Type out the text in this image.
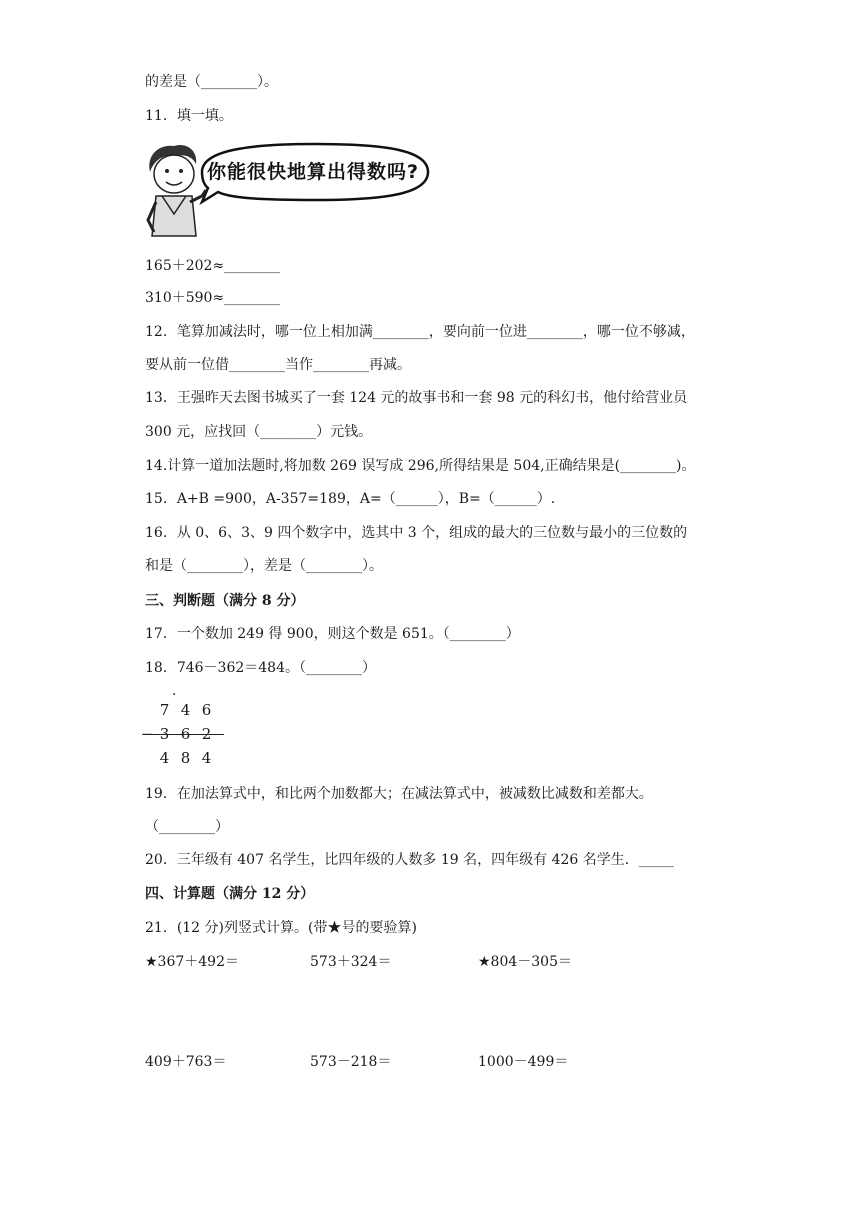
的差是（________）。
11．填一填。
你能很快地算出得数吗?
165＋202≈________
310＋590≈________
12．笔算加减法时，哪一位上相加满________，要向前一位进________，哪一位不够减，
要从前一位借________当作________再减。
13．王强昨天去图书城买了一套 124 元的故事书和一套 98 元的科幻书，他付给营业员
300 元，应找回（________）元钱。
14.计算一道加法题时,将加数 269 误写成 296,所得结果是 504,正确结果是(________)。
15．A+B =900，A-357=189，A=（______），B=（______）.
16．从 0、6、3、9 四个数字中，选其中 3 个，组成的最大的三位数与最小的三位数的
和是（________），差是（________）。
三、判断题（满分 8 分）
17．一个数加 249 得 900，则这个数是 651。（________）
18．746－362＝484。（________）
·
7 4 6
− 3 6 2
4 8 4
19．在加法算式中，和比两个加数都大；在减法算式中，被减数比减数和差都大。
（________）
20．三年级有 407 名学生，比四年级的人数多 19 名，四年级有 426 名学生．_____
四、计算题（满分 12 分）
21．(12 分)列竖式计算。(带★号的要验算)
★367＋492＝	573＋324＝	★804－305＝
409＋763＝	573－218＝	1000－499＝
